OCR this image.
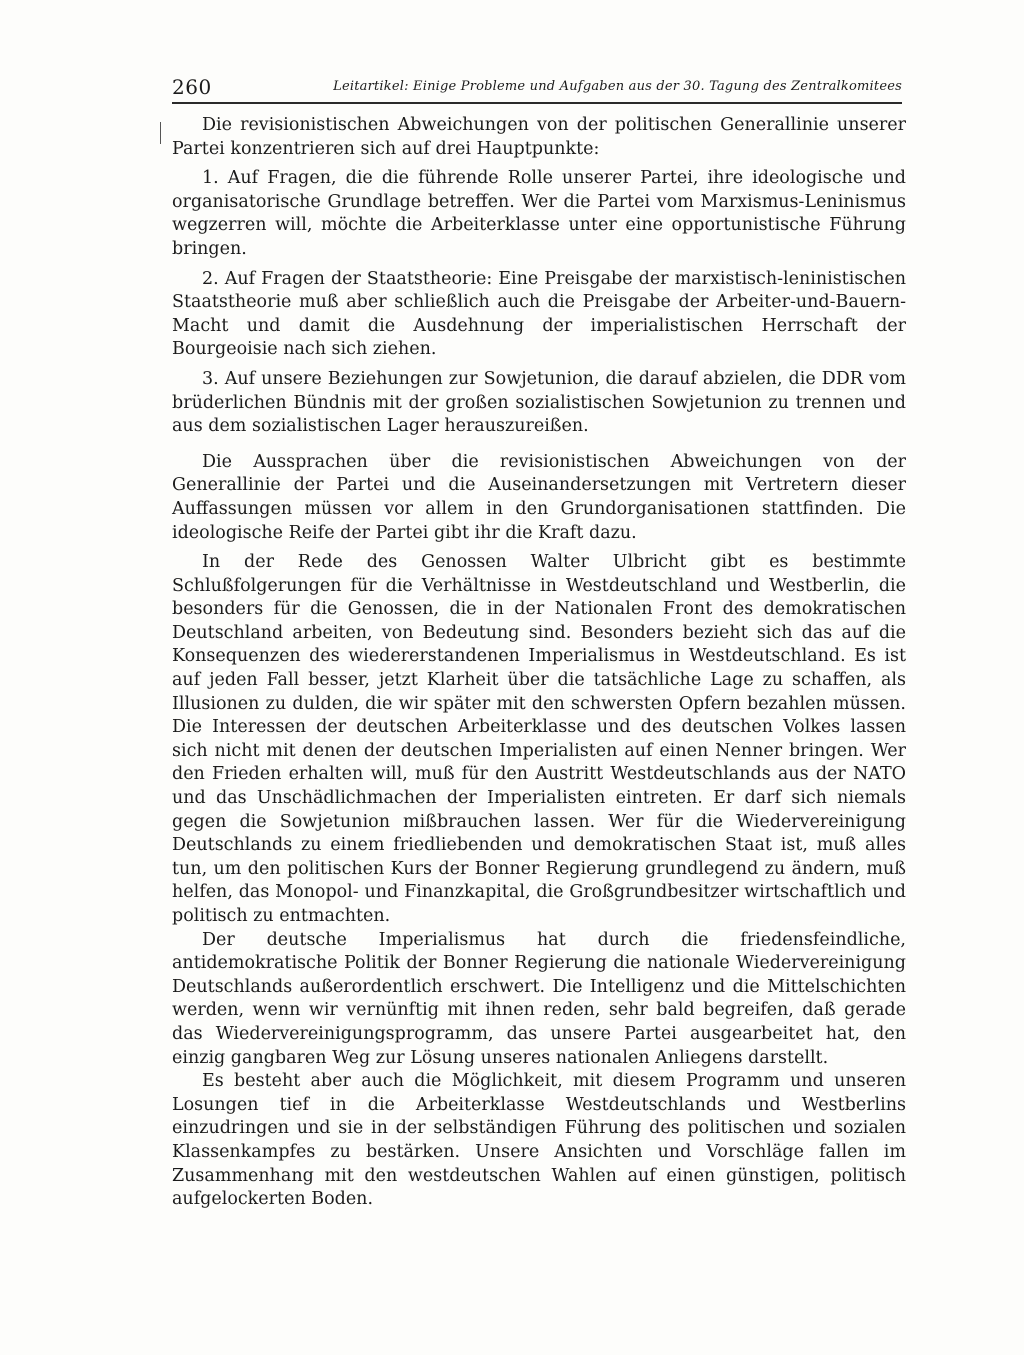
260	Leitartikel: Einige Probleme und Aufgaben aus der 30. Tagung des Zentralkomitees

Die revisionistischen Abweichungen von der politischen Generallinie unserer Partei konzentrieren sich auf drei Hauptpunkte:

1. Auf Fragen, die die führende Rolle unserer Partei, ihre ideologische und organisatorische Grundlage betreffen. Wer die Partei vom Marxismus-Leninismus wegzerren will, möchte die Arbeiterklasse unter eine opportunistische Führung bringen.

2. Auf Fragen der Staatstheorie: Eine Preisgabe der marxistisch-leninistischen Staatstheorie muß aber schließlich auch die Preisgabe der Arbeiter-und-Bauern-Macht und damit die Ausdehnung der imperialistischen Herrschaft der Bourgeoisie nach sich ziehen.

3. Auf unsere Beziehungen zur Sowjetunion, die darauf abzielen, die DDR vom brüderlichen Bündnis mit der großen sozialistischen Sowjetunion zu trennen und aus dem sozialistischen Lager herauszureißen.

Die Aussprachen über die revisionistischen Abweichungen von der Generallinie der Partei und die Auseinandersetzungen mit Vertretern dieser Auffassungen müssen vor allem in den Grundorganisationen stattfinden. Die ideologische Reife der Partei gibt ihr die Kraft dazu.

In der Rede des Genossen Walter Ulbricht gibt es bestimmte Schlußfolgerungen für die Verhältnisse in Westdeutschland und Westberlin, die besonders für die Genossen, die in der Nationalen Front des demokratischen Deutschland arbeiten, von Bedeutung sind. Besonders bezieht sich das auf die Konsequenzen des wiedererstandenen Imperialismus in Westdeutschland. Es ist auf jeden Fall besser, jetzt Klarheit über die tatsächliche Lage zu schaffen, als Illusionen zu dulden, die wir später mit den schwersten Opfern bezahlen müssen. Die Interessen der deutschen Arbeiterklasse und des deutschen Volkes lassen sich nicht mit denen der deutschen Imperialisten auf einen Nenner bringen. Wer den Frieden erhalten will, muß für den Austritt Westdeutschlands aus der NATO und das Unschädlichmachen der Imperialisten eintreten. Er darf sich niemals gegen die Sowjetunion mißbrauchen lassen. Wer für die Wiedervereinigung Deutschlands zu einem friedliebenden und demokratischen Staat ist, muß alles tun, um den politischen Kurs der Bonner Regierung grundlegend zu ändern, muß helfen, das Monopol- und Finanzkapital, die Großgrundbesitzer wirtschaftlich und politisch zu entmachten.

Der deutsche Imperialismus hat durch die friedensfeindliche, antidemokratische Politik der Bonner Regierung die nationale Wiedervereinigung Deutschlands außerordentlich erschwert. Die Intelligenz und die Mittelschichten werden, wenn wir vernünftig mit ihnen reden, sehr bald begreifen, daß gerade das Wiedervereinigungsprogramm, das unsere Partei ausgearbeitet hat, den einzig gangbaren Weg zur Lösung unseres nationalen Anliegens darstellt.

Es besteht aber auch die Möglichkeit, mit diesem Programm und unseren Losungen tief in die Arbeiterklasse Westdeutschlands und Westberlins einzudringen und sie in der selbständigen Führung des politischen und sozialen Klassenkampfes zu bestärken. Unsere Ansichten und Vorschläge fallen im Zusammenhang mit den westdeutschen Wahlen auf einen günstigen, politisch aufgelockerten Boden.
